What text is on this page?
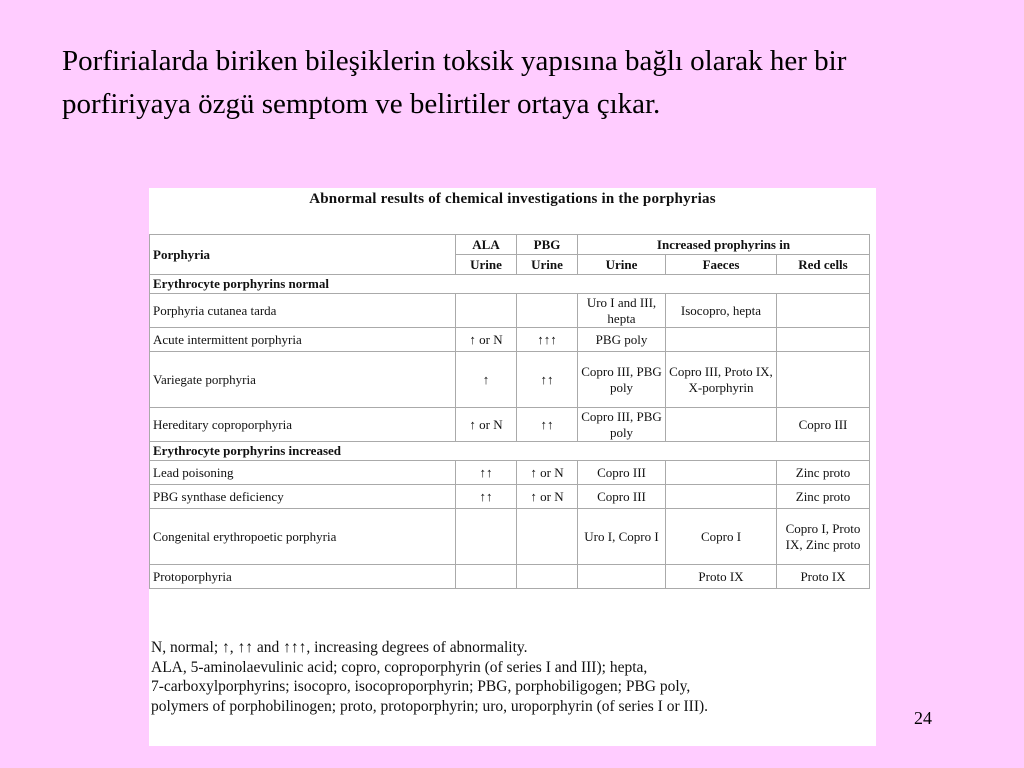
Porfirialarda biriken bileşiklerin toksik yapısına bağlı olarak her bir porfiriyaya özgü semptom ve belirtiler ortaya çıkar.
Abnormal results of chemical investigations in the porphyrias
Porphyria	ALA	PBG	Increased prophyrins in		
	Urine	Urine	Urine	Faeces	Red cells
Erythrocyte porphyrins normal					
Porphyria cutanea tarda			Uro I and III, hepta	Isocopro, hepta	
Acute intermittent porphyria	↑ or N	↑↑↑	PBG poly		
Variegate porphyria	↑	↑↑	Copro III, PBG poly	Copro III, Proto IX, X-porphyrin	
Hereditary coproporphyria	↑ or N	↑↑	Copro III, PBG poly		Copro III
Erythrocyte porphyrins increased					
Lead poisoning	↑↑	↑ or N	Copro III		Zinc proto
PBG synthase deficiency	↑↑	↑ or N	Copro III		Zinc proto
Congenital erythropoetic porphyria			Uro I, Copro I	Copro I	Copro I, Proto IX, Zinc proto
Protoporphyria				Proto IX	Proto IX
N, normal; ↑, ↑↑ and ↑↑↑, increasing degrees of abnormality.
ALA, 5-aminolaevulinic acid; copro, coproporphyrin (of series I and III); hepta,
7-carboxylporphyrins; isocopro, isocoproporphyrin; PBG, porphobiligogen; PBG poly,
polymers of porphobilinogen; proto, protoporphyrin; uro, uroporphyrin (of series I or III).
24
